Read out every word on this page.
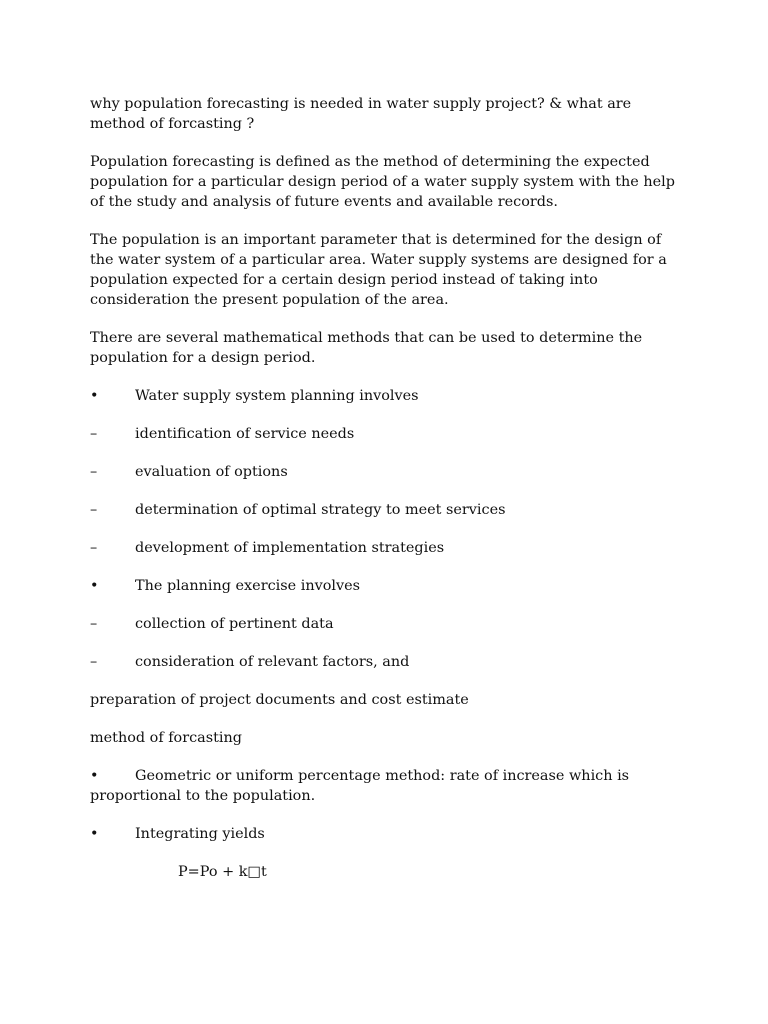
why population forecasting is needed in water supply project? & what are method of forcasting ?

Population forecasting is defined as the method of determining the expected population for a particular design period of a water supply system with the help of the study and analysis of future events and available records.

The population is an important parameter that is determined for the design of the water system of a particular area. Water supply systems are designed for a population expected for a certain design period instead of taking into consideration the present population of the area.

There are several mathematical methods that can be used to determine the population for a design period.

•	Water supply system planning involves
–	identification of service needs
–	evaluation of options
–	determination of optimal strategy to meet services
–	development of implementation strategies
•	The planning exercise involves
–	collection of pertinent data
–	consideration of relevant factors, and

preparation of project documents and cost estimate

method of forcasting

•	Geometric or uniform percentage method: rate of increase which is proportional to the population.

•	Integrating yields

P=Po + k□t
